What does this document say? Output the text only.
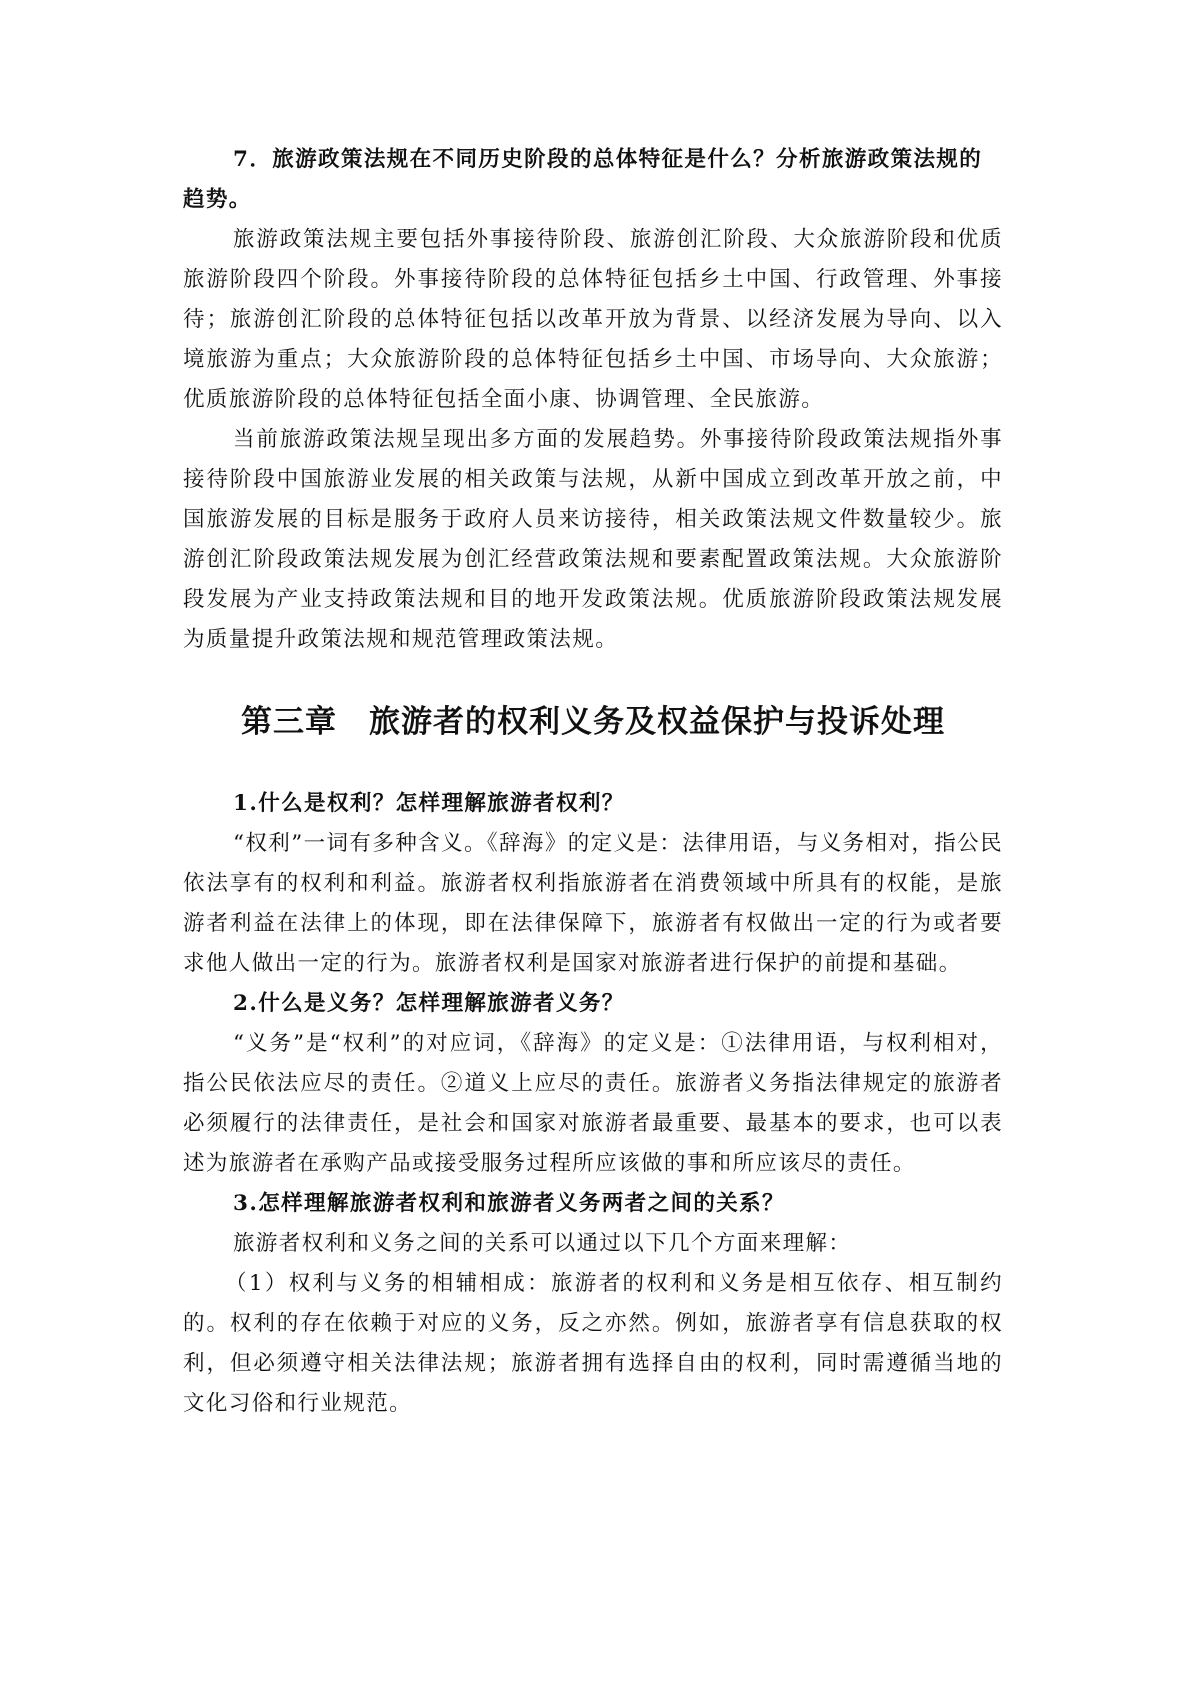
7．旅游政策法规在不同历史阶段的总体特征是什么？分析旅游政策法规的 趋势。

旅游政策法规主要包括外事接待阶段、旅游创汇阶段、大众旅游阶段和优质旅游阶段四个阶段。外事接待阶段的总体特征包括乡土中国、行政管理、外事接待；旅游创汇阶段的总体特征包括以改革开放为背景、以经济发展为导向、以入境旅游为重点；大众旅游阶段的总体特征包括乡土中国、市场导向、大众旅游；优质旅游阶段的总体特征包括全面小康、协调管理、全民旅游。

当前旅游政策法规呈现出多方面的发展趋势。外事接待阶段政策法规指外事接待阶段中国旅游业发展的相关政策与法规，从新中国成立到改革开放之前，中国旅游发展的目标是服务于政府人员来访接待，相关政策法规文件数量较少。旅游创汇阶段政策法规发展为创汇经营政策法规和要素配置政策法规。大众旅游阶段发展为产业支持政策法规和目的地开发政策法规。优质旅游阶段政策法规发展为质量提升政策法规和规范管理政策法规。

第三章　旅游者的权利义务及权益保护与投诉处理

1.什么是权利？怎样理解旅游者权利？

“权利”一词有多种含义。《辞海》的定义是：法律用语，与义务相对，指公民依法享有的权利和利益。旅游者权利指旅游者在消费领域中所具有的权能，是旅游者利益在法律上的体现，即在法律保障下，旅游者有权做出一定的行为或者要求他人做出一定的行为。旅游者权利是国家对旅游者进行保护的前提和基础。

2.什么是义务？怎样理解旅游者义务？

“义务”是“权利”的对应词，《辞海》的定义是：①法律用语，与权利相对，指公民依法应尽的责任。②道义上应尽的责任。旅游者义务指法律规定的旅游者必须履行的法律责任，是社会和国家对旅游者最重要、最基本的要求，也可以表述为旅游者在承购产品或接受服务过程所应该做的事和所应该尽的责任。

3.怎样理解旅游者权利和旅游者义务两者之间的关系？

旅游者权利和义务之间的关系可以通过以下几个方面来理解：

（1）权利与义务的相辅相成：旅游者的权利和义务是相互依存、相互制约的。权利的存在依赖于对应的义务，反之亦然。例如，旅游者享有信息获取的权利，但必须遵守相关法律法规；旅游者拥有选择自由的权利，同时需遵循当地的文化习俗和行业规范。
